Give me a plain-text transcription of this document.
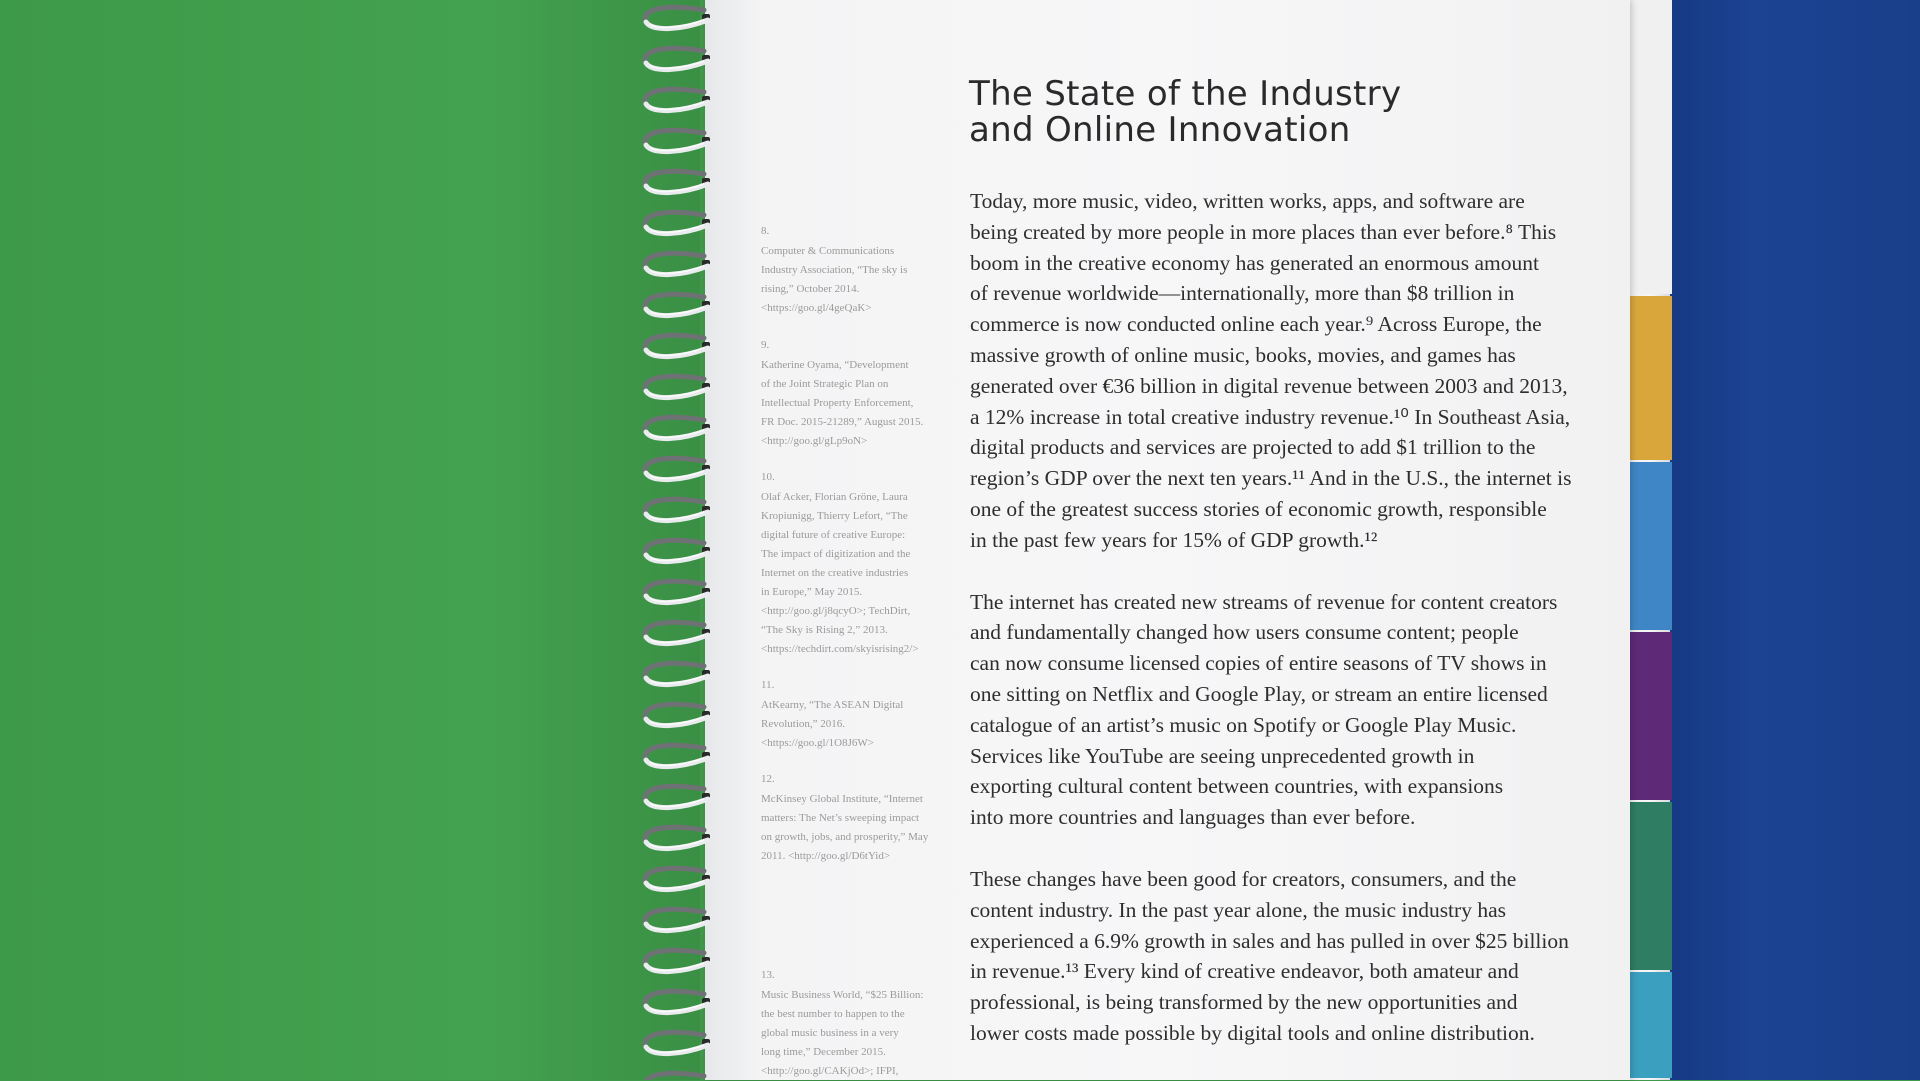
The State of the Industry
and Online Innovation

Today, more music, video, written works, apps, and software are
being created by more people in more places than ever before.⁸ This
boom in the creative economy has generated an enormous amount
of revenue worldwide—internationally, more than $8 trillion in
commerce is now conducted online each year.⁹ Across Europe, the
massive growth of online music, books, movies, and games has
generated over €36 billion in digital revenue between 2003 and 2013,
a 12% increase in total creative industry revenue.¹⁰ In Southeast Asia,
digital products and services are projected to add $1 trillion to the
region’s GDP over the next ten years.¹¹ And in the U.S., the internet is
one of the greatest success stories of economic growth, responsible
in the past few years for 15% of GDP growth.¹²

The internet has created new streams of revenue for content creators
and fundamentally changed how users consume content; people
can now consume licensed copies of entire seasons of TV shows in
one sitting on Netflix and Google Play, or stream an entire licensed
catalogue of an artist’s music on Spotify or Google Play Music.
Services like YouTube are seeing unprecedented growth in
exporting cultural content between countries, with expansions
into more countries and languages than ever before.

These changes have been good for creators, consumers, and the
content industry. In the past year alone, the music industry has
experienced a 6.9% growth in sales and has pulled in over $25 billion
in revenue.¹³ Every kind of creative endeavor, both amateur and
professional, is being transformed by the new opportunities and
lower costs made possible by digital tools and online distribution.

8.
Computer & Communications
Industry Association, “The sky is
rising,” October 2014.
<https://goo.gl/4geQaK>
9.
Katherine Oyama, “Development
of the Joint Strategic Plan on
Intellectual Property Enforcement,
FR Doc. 2015-21289,” August 2015.
<http://goo.gl/gLp9oN>
10.
Olaf Acker, Florian Gröne, Laura
Kropiunigg, Thierry Lefort, “The
digital future of creative Europe:
The impact of digitization and the
Internet on the creative industries
in Europe,” May 2015.
<http://goo.gl/j8qcyO>; TechDirt,
“The Sky is Rising 2,” 2013.
<https://techdirt.com/skyisrising2/>
11.
AtKearny, “The ASEAN Digital
Revolution,” 2016.
<https://goo.gl/1O8J6W>
12.
McKinsey Global Institute, “Internet
matters: The Net’s sweeping impact
on growth, jobs, and prosperity,” May
2011. <http://goo.gl/D6tYid>
13.
Music Business World, “$25 Billion:
the best number to happen to the
global music business in a very
long time,” December 2015.
<http://goo.gl/CAKjOd>; IFPI,
